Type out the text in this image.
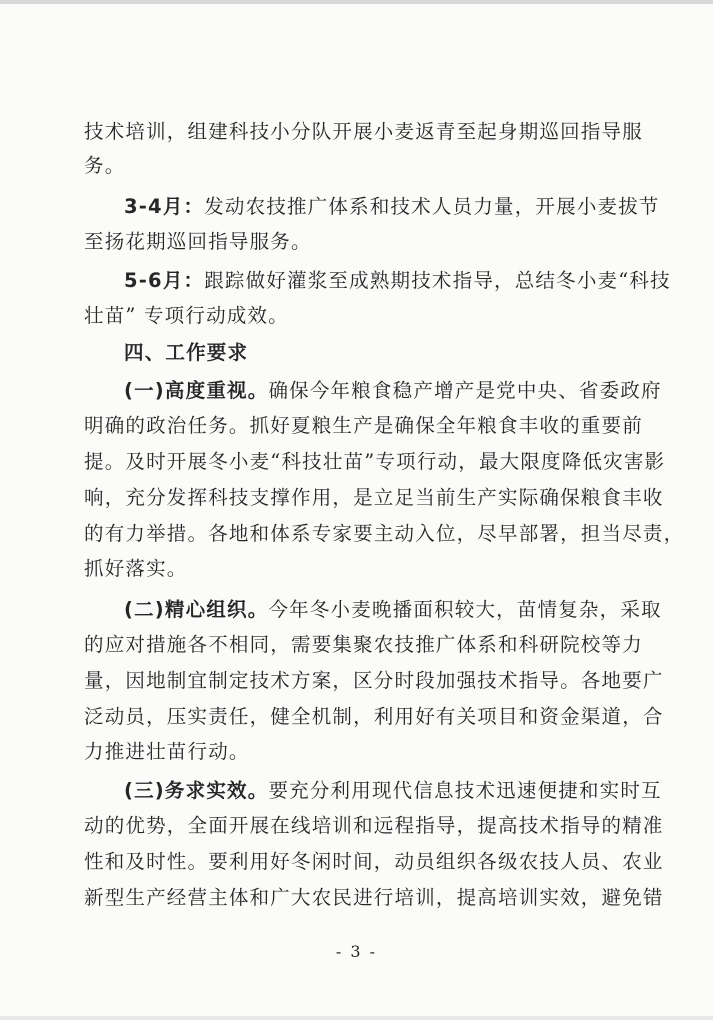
技术培训，组建科技小分队开展小麦返青至起身期巡回指导服
务。
3-4月：发动农技推广体系和技术人员力量，开展小麦拔节
至扬花期巡回指导服务。
5-6月：跟踪做好灌浆至成熟期技术指导，总结冬小麦“科技
壮苗” 专项行动成效。
四、工作要求
(一)高度重视。确保今年粮食稳产增产是党中央、省委政府
明确的政治任务。抓好夏粮生产是确保全年粮食丰收的重要前
提。及时开展冬小麦“科技壮苗”专项行动，最大限度降低灾害影
响，充分发挥科技支撑作用，是立足当前生产实际确保粮食丰收
的有力举措。各地和体系专家要主动入位，尽早部署，担当尽责，
抓好落实。
(二)精心组织。今年冬小麦晚播面积较大，苗情复杂，采取
的应对措施各不相同，需要集聚农技推广体系和科研院校等力
量，因地制宜制定技术方案，区分时段加强技术指导。各地要广
泛动员，压实责任，健全机制，利用好有关项目和资金渠道，合
力推进壮苗行动。
(三)务求实效。要充分利用现代信息技术迅速便捷和实时互
动的优势，全面开展在线培训和远程指导，提高技术指导的精准
性和及时性。要利用好冬闲时间，动员组织各级农技人员、农业
新型生产经营主体和广大农民进行培训，提高培训实效，避免错
- 3 -
